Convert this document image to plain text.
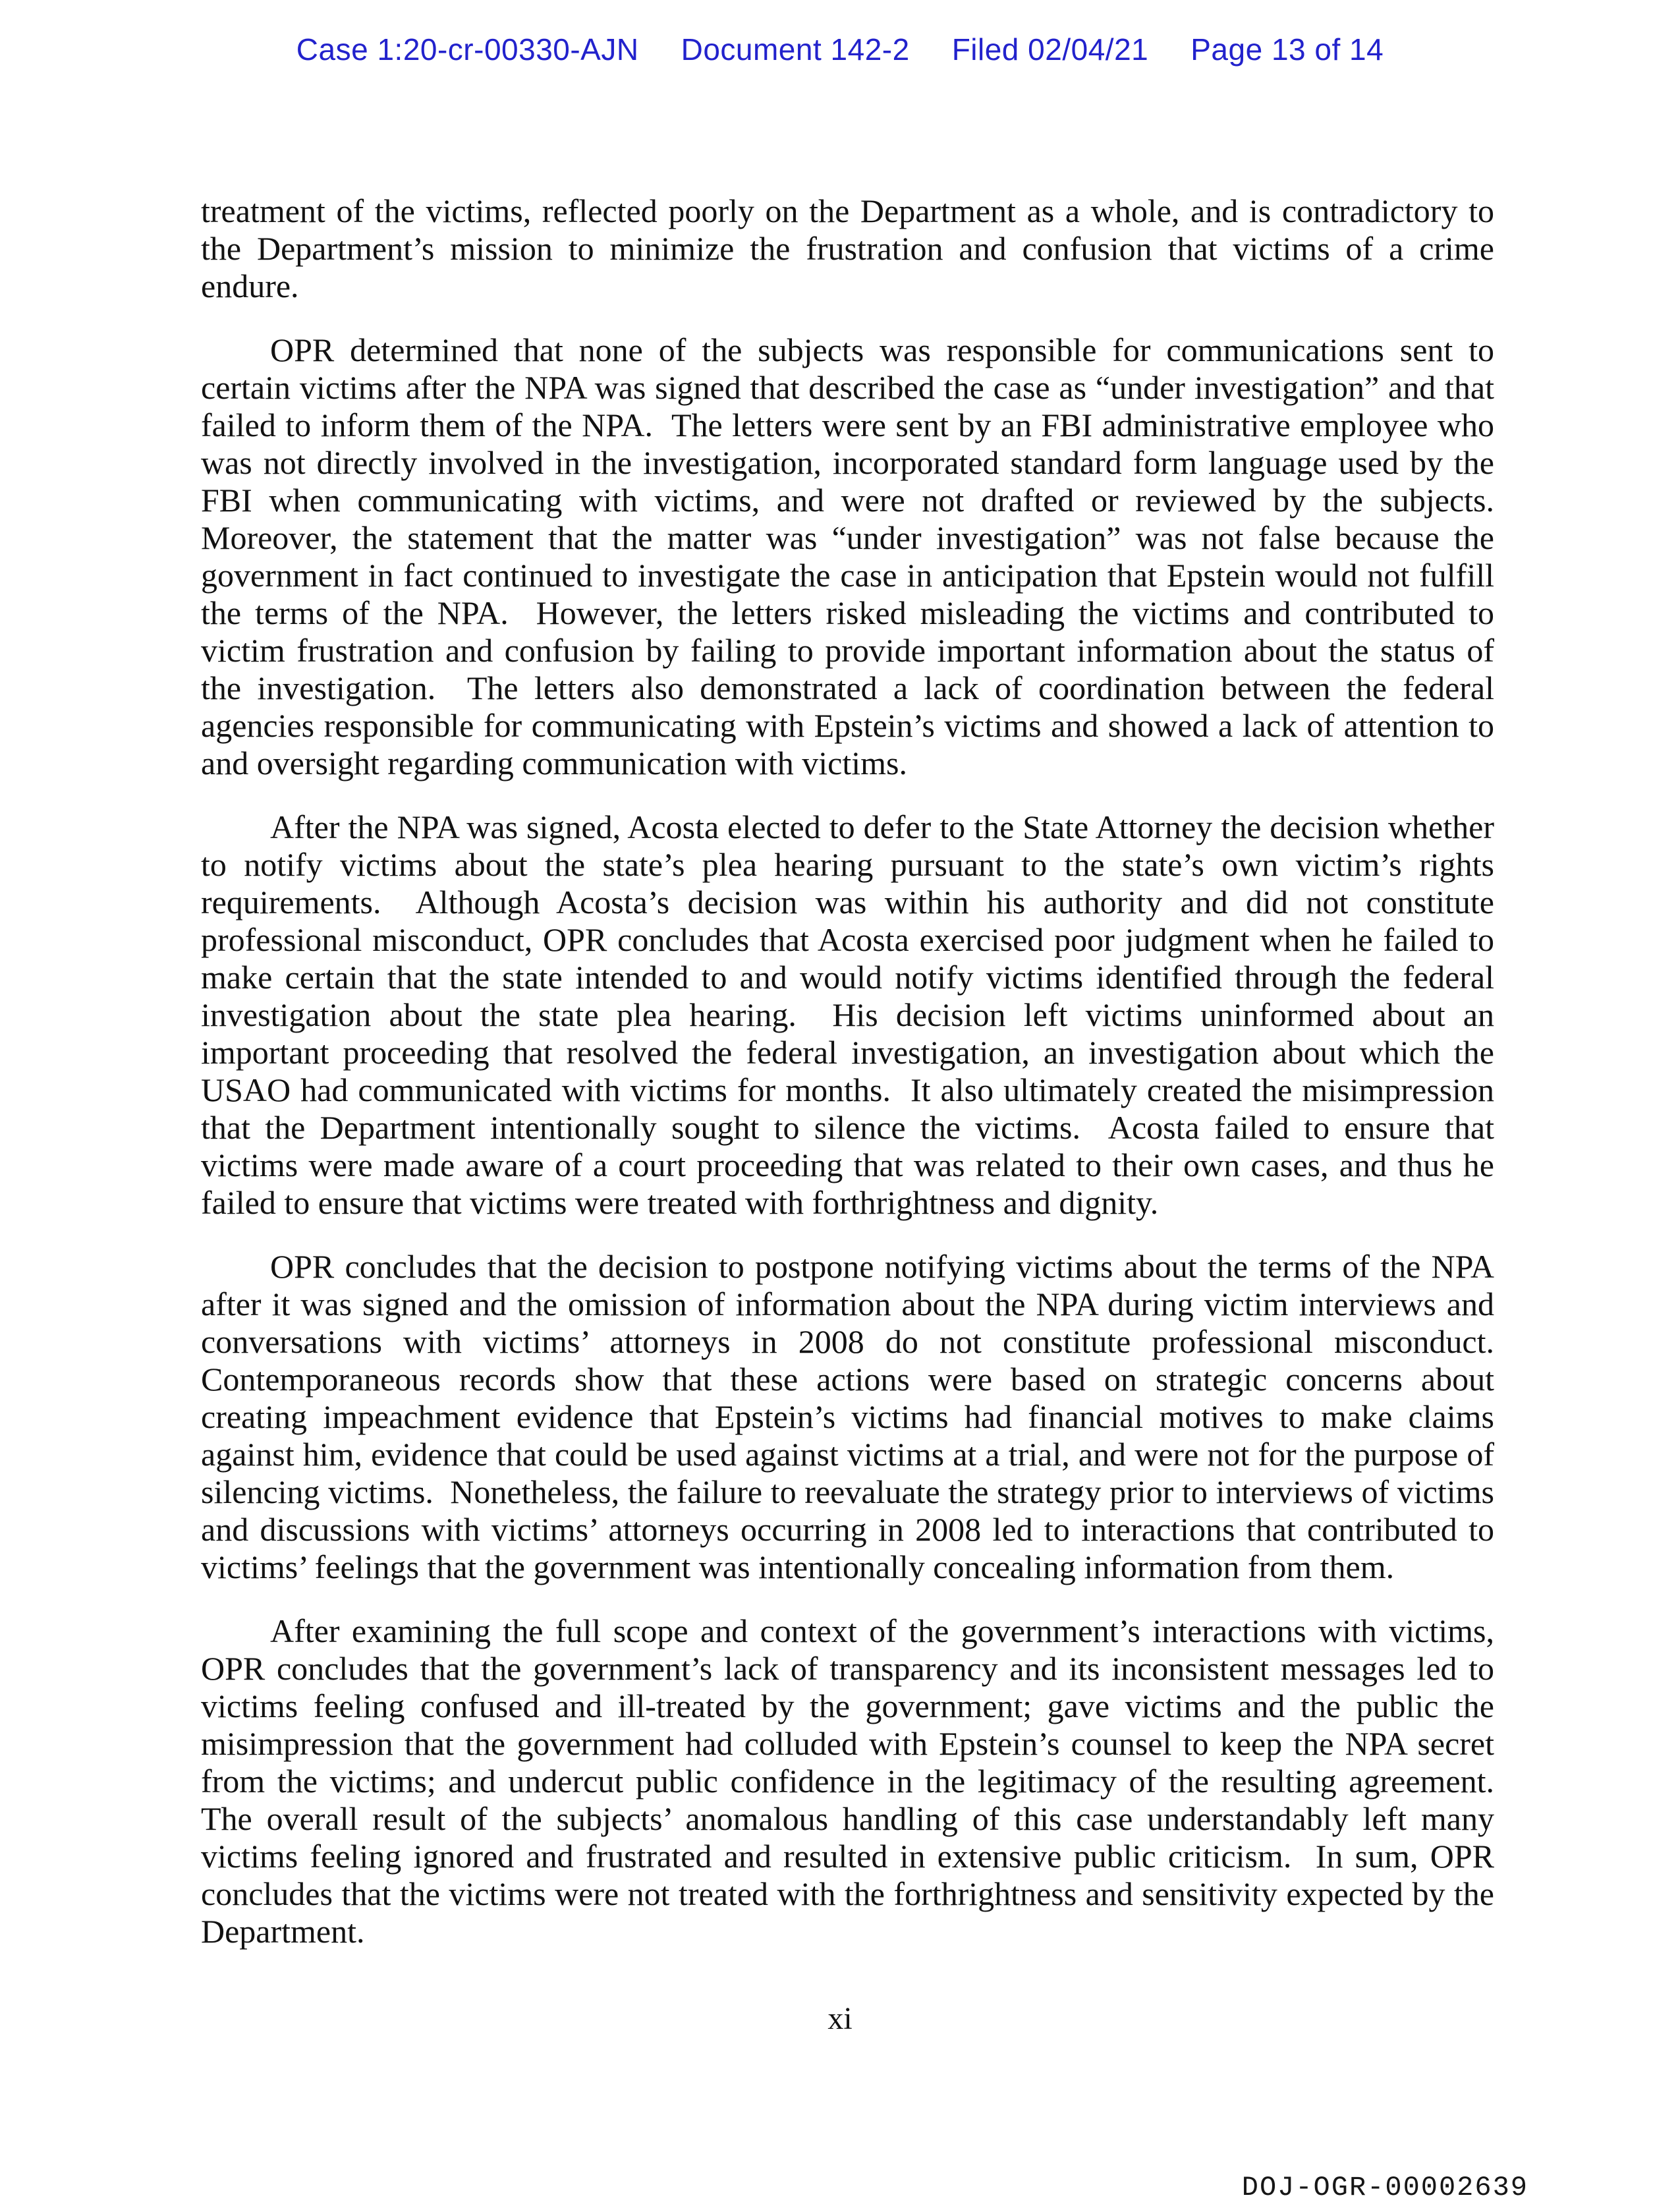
Case 1:20-cr-00330-AJN Document 142-2 Filed 02/04/21 Page 13 of 14

treatment of the victims, reflected poorly on the Department as a whole, and is contradictory to the Department’s mission to minimize the frustration and confusion that victims of a crime endure.

OPR determined that none of the subjects was responsible for communications sent to certain victims after the NPA was signed that described the case as “under investigation” and that failed to inform them of the NPA.  The letters were sent by an FBI administrative employee who was not directly involved in the investigation, incorporated standard form language used by the FBI when communicating with victims, and were not drafted or reviewed by the subjects.  Moreover, the statement that the matter was “under investigation” was not false because the government in fact continued to investigate the case in anticipation that Epstein would not fulfill the terms of the NPA.  However, the letters risked misleading the victims and contributed to victim frustration and confusion by failing to provide important information about the status of the investigation.  The letters also demonstrated a lack of coordination between the federal agencies responsible for communicating with Epstein’s victims and showed a lack of attention to and oversight regarding communication with victims.

After the NPA was signed, Acosta elected to defer to the State Attorney the decision whether to notify victims about the state’s plea hearing pursuant to the state’s own victim’s rights requirements.  Although Acosta’s decision was within his authority and did not constitute professional misconduct, OPR concludes that Acosta exercised poor judgment when he failed to make certain that the state intended to and would notify victims identified through the federal investigation about the state plea hearing.  His decision left victims uninformed about an important proceeding that resolved the federal investigation, an investigation about which the USAO had communicated with victims for months.  It also ultimately created the misimpression that the Department intentionally sought to silence the victims.  Acosta failed to ensure that victims were made aware of a court proceeding that was related to their own cases, and thus he failed to ensure that victims were treated with forthrightness and dignity.

OPR concludes that the decision to postpone notifying victims about the terms of the NPA after it was signed and the omission of information about the NPA during victim interviews and conversations with victims’ attorneys in 2008 do not constitute professional misconduct.  Contemporaneous records show that these actions were based on strategic concerns about creating impeachment evidence that Epstein’s victims had financial motives to make claims against him, evidence that could be used against victims at a trial, and were not for the purpose of silencing victims.  Nonetheless, the failure to reevaluate the strategy prior to interviews of victims and discussions with victims’ attorneys occurring in 2008 led to interactions that contributed to victims’ feelings that the government was intentionally concealing information from them.

After examining the full scope and context of the government’s interactions with victims, OPR concludes that the government’s lack of transparency and its inconsistent messages led to victims feeling confused and ill-treated by the government; gave victims and the public the misimpression that the government had colluded with Epstein’s counsel to keep the NPA secret from the victims; and undercut public confidence in the legitimacy of the resulting agreement.  The overall result of the subjects’ anomalous handling of this case understandably left many victims feeling ignored and frustrated and resulted in extensive public criticism.  In sum, OPR concludes that the victims were not treated with the forthrightness and sensitivity expected by the Department.

xi
DOJ-OGR-00002639
